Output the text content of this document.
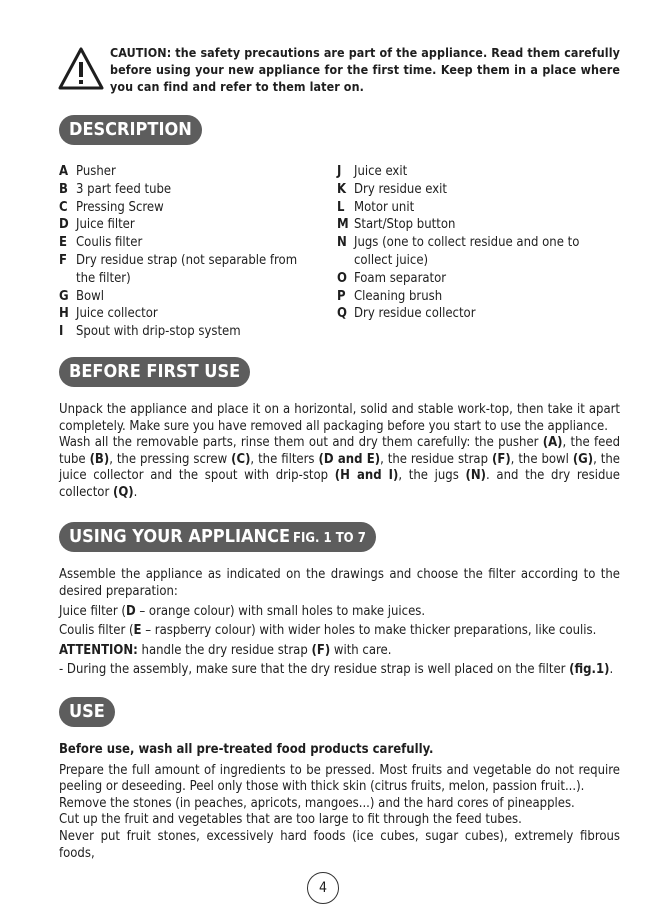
CAUTION: the safety precautions are part of the appliance. Read them carefully before using your new appliance for the first time. Keep them in a place where you can find and refer to them later on.
DESCRIPTION
A Pusher
B 3 part feed tube
C Pressing Screw
D Juice filter
E Coulis filter
F Dry residue strap (not separable from the filter)
G Bowl
H Juice collector
I Spout with drip-stop system
J Juice exit
K Dry residue exit
L Motor unit
M Start/Stop button
N Jugs (one to collect residue and one to collect juice)
O Foam separator
P Cleaning brush
Q Dry residue collector
BEFORE FIRST USE

Unpack the appliance and place it on a horizontal, solid and stable work-top, then take it apart completely. Make sure you have removed all packaging before you start to use the appliance.

Wash all the removable parts, rinse them out and dry them carefully: the pusher (A), the feed tube (B), the pressing screw (C), the filters (D and E), the residue strap (F), the bowl (G), the juice collector and the spout with drip-stop (H and I), the jugs (N). and the dry residue collector (Q).

USING YOUR APPLIANCE FIG. 1 TO 7

Assemble the appliance as indicated on the drawings and choose the filter according to the desired preparation:

Juice filter (D – orange colour) with small holes to make juices.

Coulis filter (E – raspberry colour) with wider holes to make thicker preparations, like coulis.

ATTENTION: handle the dry residue strap (F) with care.

- During the assembly, make sure that the dry residue strap is well placed on the filter (fig.1).

USE

Before use, wash all pre-treated food products carefully.

Prepare the full amount of ingredients to be pressed. Most fruits and vegetable do not require peeling or deseeding. Peel only those with thick skin (citrus fruits, melon, passion fruit...).

Remove the stones (in peaches, apricots, mangoes...) and the hard cores of pineapples.

Cut up the fruit and vegetables that are too large to fit through the feed tubes.

Never put fruit stones, excessively hard foods (ice cubes, sugar cubes), extremely fibrous foods,

4
